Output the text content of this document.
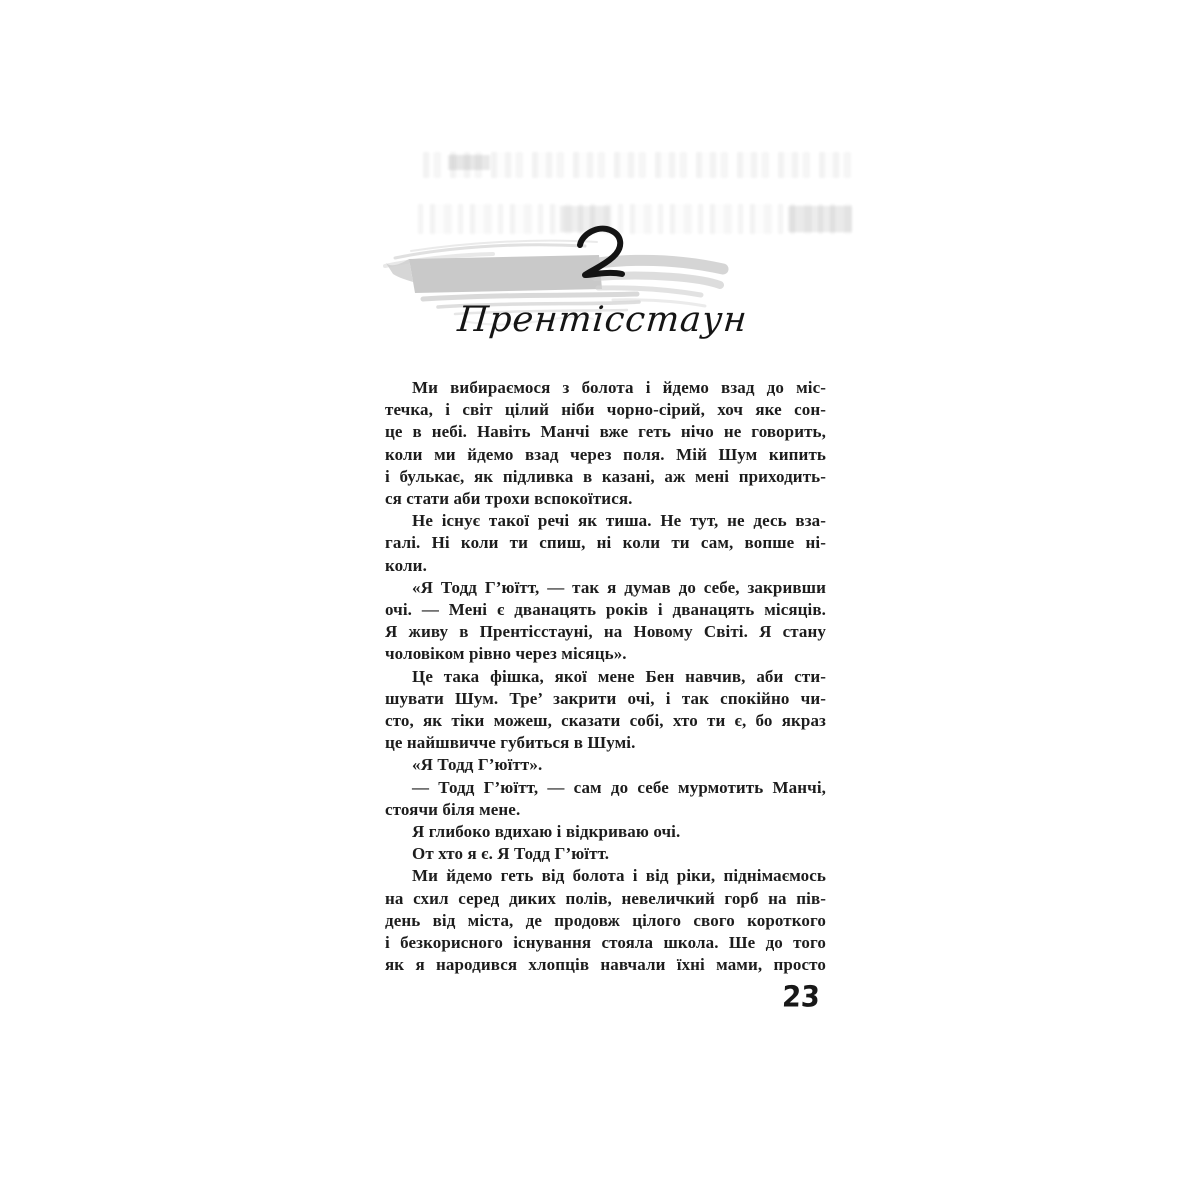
Прентісстаун
Ми вибираємося з болота і йдемо взад до міс-
течка, і світ цілий ніби чорно-сірий, хоч яке сон-
це в небі. Навіть Манчі вже геть нічо не говорить,
коли ми йдемо взад через поля. Мій Шум кипить
і булькає, як підливка в казані, аж мені приходить-
ся стати аби трохи вспокоїтися.
Не існує такої речі як тиша. Не тут, не десь вза-
галі. Ні коли ти спиш, ні коли ти сам, вопше ні-
коли.
«Я Тодд Г’юїтт, — так я думав до себе, закривши
очі. — Мені є дванацять років і дванацять місяців.
Я живу в Прентісстауні, на Новому Світі. Я стану
чоловіком рівно через місяць».
Це така фішка, якої мене Бен навчив, аби сти-
шувати Шум. Тре’ закрити очі, і так спокійно чи-
сто, як тіки можеш, сказати собі, хто ти є, бо якраз
це найшвичче губиться в Шумі.
«Я Тодд Г’юїтт».
— Тодд Г’юїтт, — сам до себе мурмотить Манчі,
стоячи біля мене.
Я глибоко вдихаю і відкриваю очі.
От хто я є. Я Тодд Г’юїтт.
Ми йдемо геть від болота і від ріки, піднімаємось
на схил серед диких полів, невеличкий горб на пів-
день від міста, де продовж цілого свого короткого
і безкорисного існування стояла школа. Ше до того
як я народився хлопців навчали їхні мами, просто
23
